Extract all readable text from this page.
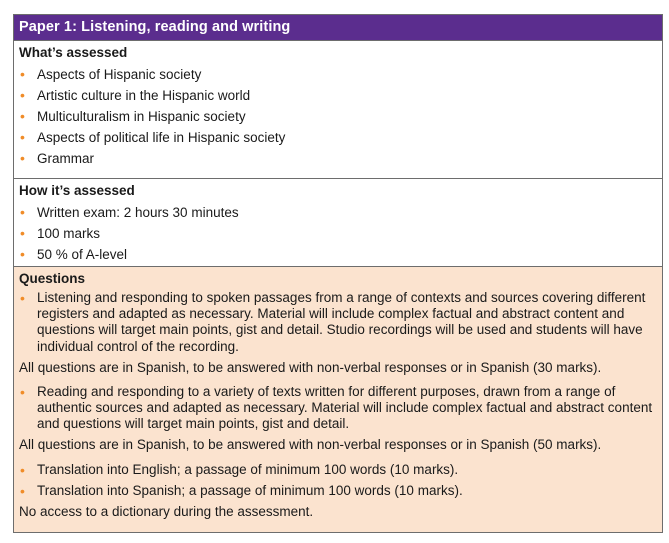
Paper 1: Listening, reading and writing
What’s assessed
• Aspects of Hispanic society
• Artistic culture in the Hispanic world
• Multiculturalism in Hispanic society
• Aspects of political life in Hispanic society
• Grammar
How it’s assessed
• Written exam: 2 hours 30 minutes
• 100 marks
• 50 % of A-level
Questions
• Listening and responding to spoken passages from a range of contexts and sources covering different registers and adapted as necessary. Material will include complex factual and abstract content and questions will target main points, gist and detail. Studio recordings will be used and students will have individual control of the recording.
All questions are in Spanish, to be answered with non-verbal responses or in Spanish (30 marks).
• Reading and responding to a variety of texts written for different purposes, drawn from a range of authentic sources and adapted as necessary. Material will include complex factual and abstract content and questions will target main points, gist and detail.
All questions are in Spanish, to be answered with non-verbal responses or in Spanish (50 marks).
• Translation into English; a passage of minimum 100 words (10 marks).
• Translation into Spanish; a passage of minimum 100 words (10 marks).
No access to a dictionary during the assessment.
